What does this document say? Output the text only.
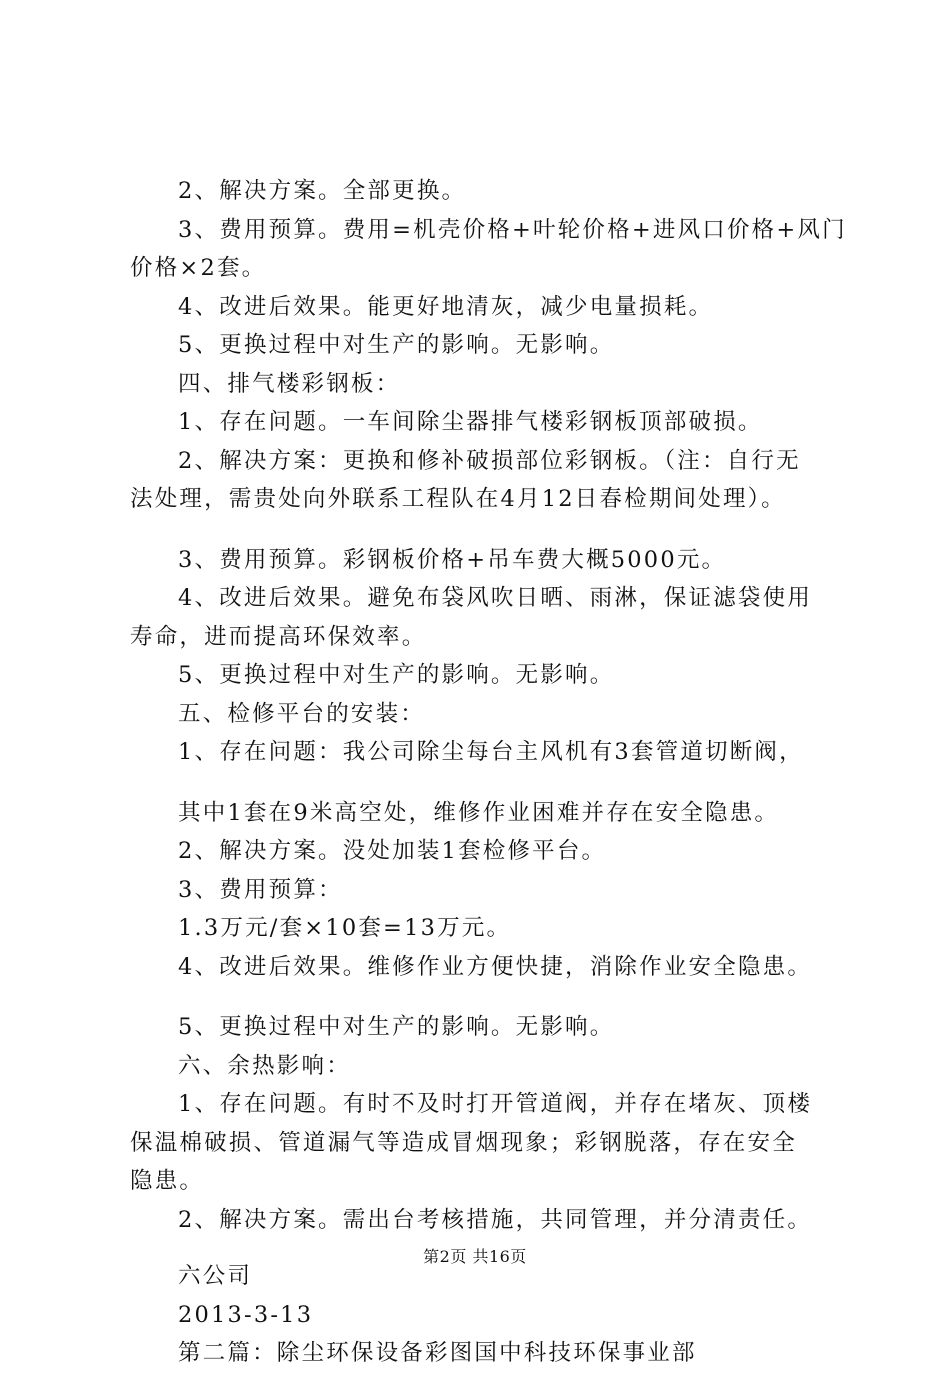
2、解决方案。全部更换。
3、费用预算。费用=机壳价格+叶轮价格+进风口价格+风门
价格×2套。
4、改进后效果。能更好地清灰，减少电量损耗。
5、更换过程中对生产的影响。无影响。
四、排气楼彩钢板：
1、存在问题。一车间除尘器排气楼彩钢板顶部破损。
2、解决方案：更换和修补破损部位彩钢板。（注：自行无
法处理，需贵处向外联系工程队在4月12日春检期间处理）。
3、费用预算。彩钢板价格+吊车费大概5000元。
4、改进后效果。避免布袋风吹日晒、雨淋，保证滤袋使用
寿命，进而提高环保效率。
5、更换过程中对生产的影响。无影响。
五、检修平台的安装：
1、存在问题：我公司除尘每台主风机有3套管道切断阀，
其中1套在9米高空处，维修作业困难并存在安全隐患。
2、解决方案。没处加装1套检修平台。
3、费用预算：
1.3万元/套×10套=13万元。
4、改进后效果。维修作业方便快捷，消除作业安全隐患。
5、更换过程中对生产的影响。无影响。
六、余热影响：
1、存在问题。有时不及时打开管道阀，并存在堵灰、顶楼
保温棉破损、管道漏气等造成冒烟现象；彩钢脱落，存在安全
隐患。
2、解决方案。需出台考核措施，共同管理，并分清责任。
六公司
2013-3-13
第二篇：除尘环保设备彩图国中科技环保事业部
第2页 共16页
